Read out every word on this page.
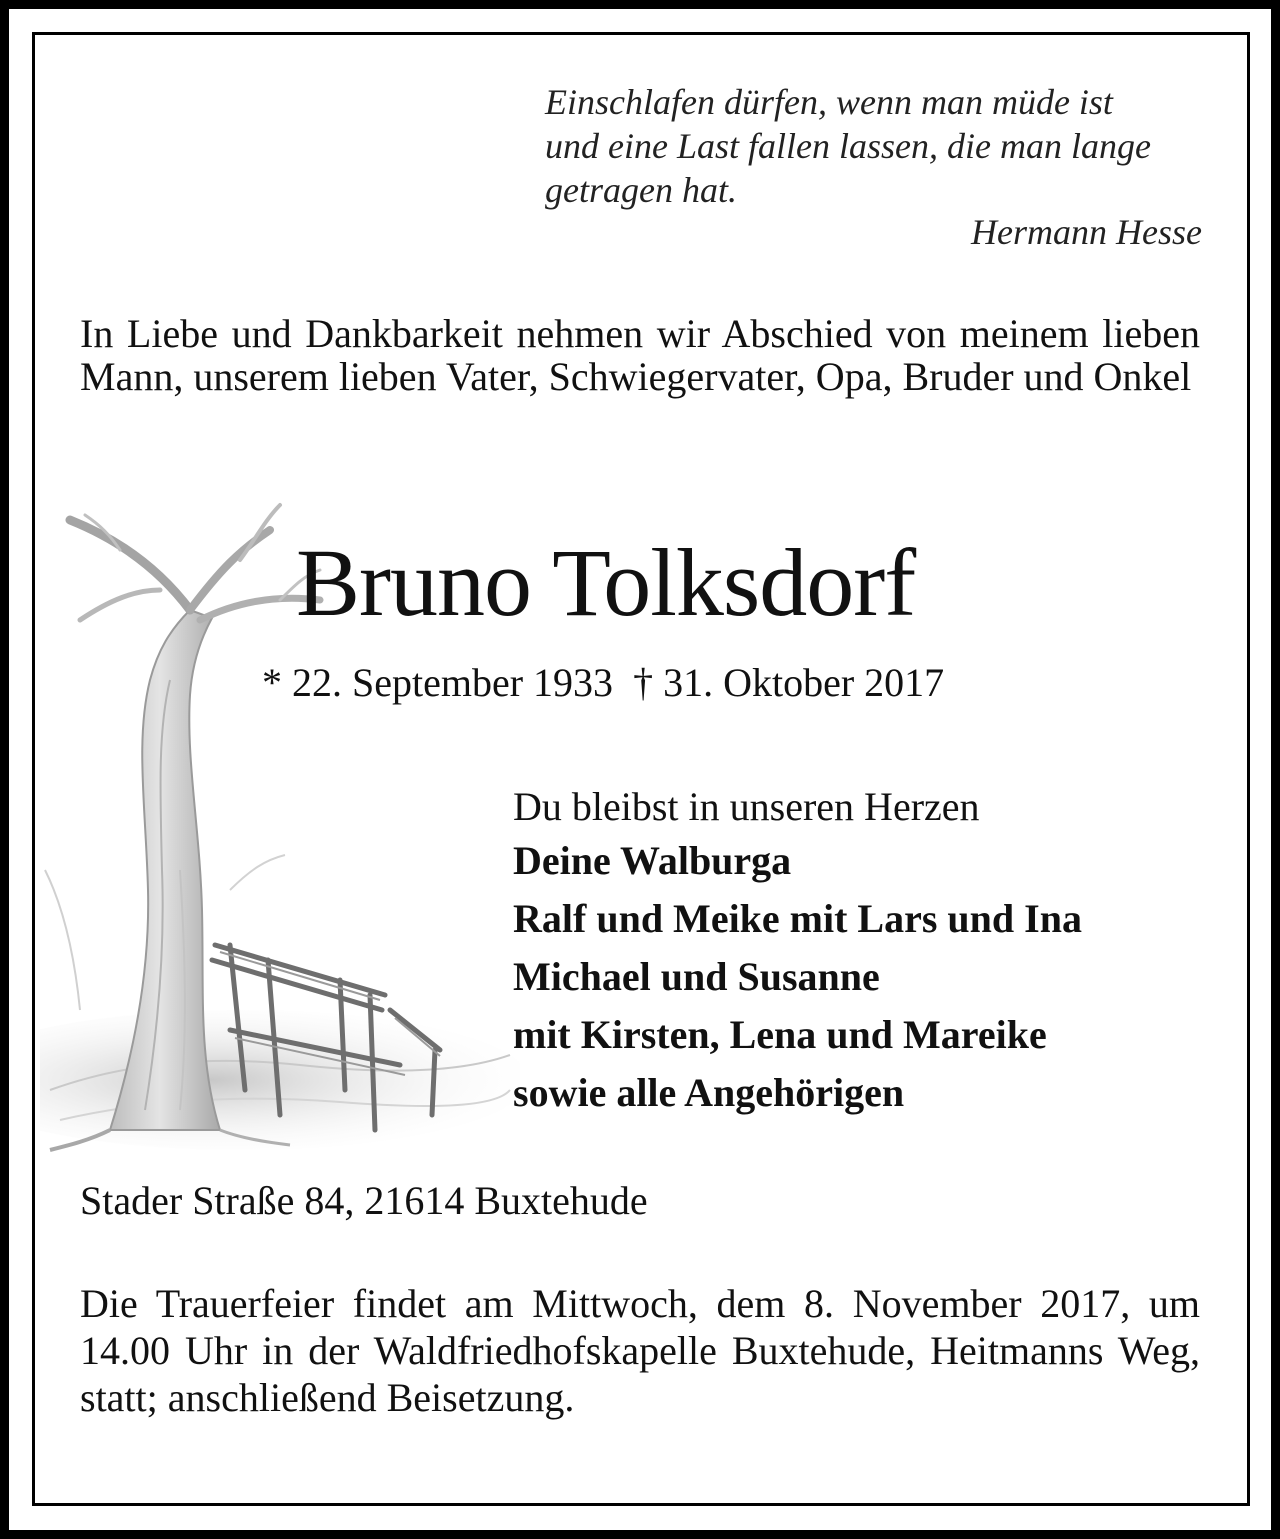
Einschlafen dürfen, wenn man müde ist
und eine Last fallen lassen, die man lange
getragen hat.
Hermann Hesse
In Liebe und Dankbarkeit nehmen wir Abschied von meinem lieben Mann, unserem lieben Vater, Schwiegervater, Opa, Bruder und Onkel
Bruno Tolksdorf
* 22. September 1933 † 31. Oktober 2017
Du bleibst in unseren Herzen
Deine Walburga
Ralf und Meike mit Lars und Ina
Michael und Susanne
mit Kirsten, Lena und Mareike
sowie alle Angehörigen
Stader Straße 84, 21614 Buxtehude
Die Trauerfeier findet am Mittwoch, dem 8. November 2017, um 14.00 Uhr in der Waldfriedhofskapelle Buxtehude, Heitmanns Weg, statt; anschließend Beisetzung.
